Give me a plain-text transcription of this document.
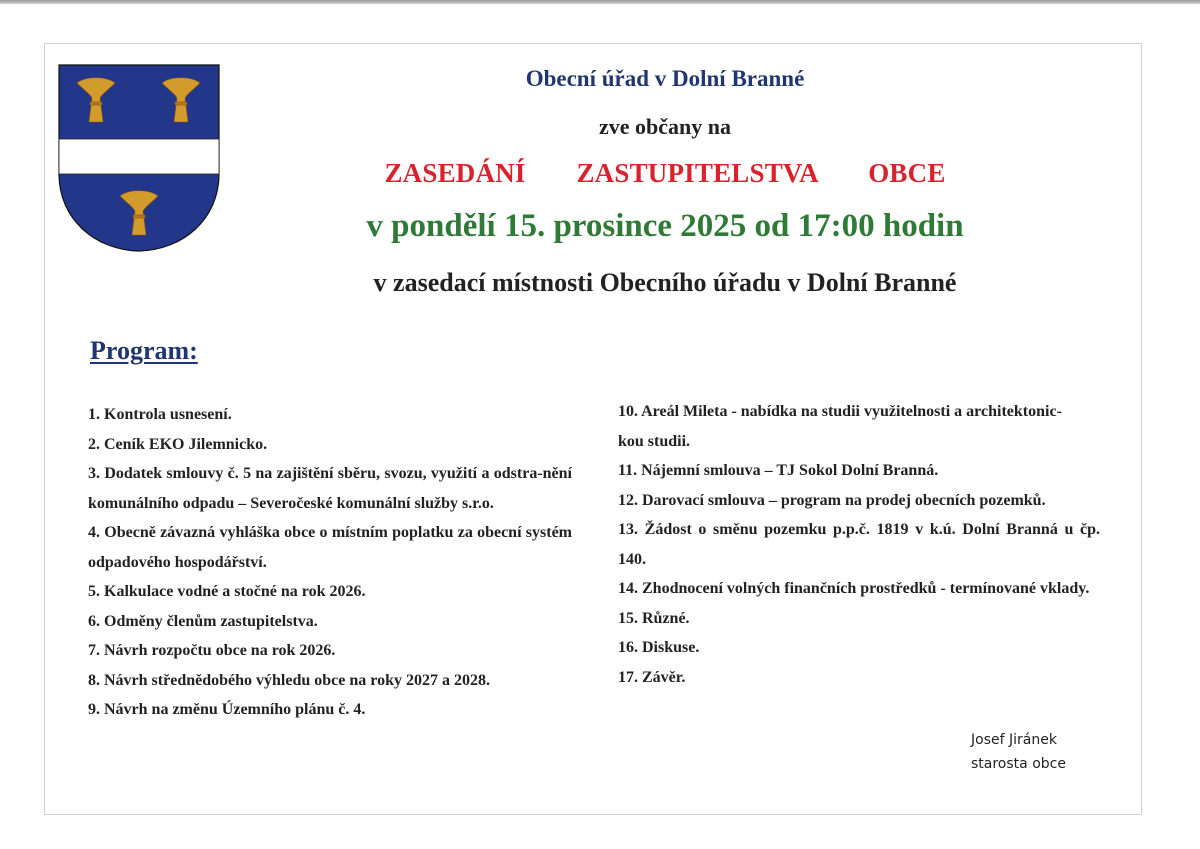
Obecní úřad v Dolní Branné
zve občany na
ZASEDÁNÍ   ZASTUPITELSTVA   OBCE
v pondělí 15. prosince 2025 od 17:00 hodin
v zasedací místnosti Obecního úřadu v Dolní Branné
Program:
1. Kontrola usnesení.
2. Ceník EKO Jilemnicko.
3. Dodatek smlouvy č. 5 na zajištění sběru, svozu, využití a odstra-nění komunálního odpadu – Severočeské komunální služby s.r.o.
4. Obecně závazná vyhláška obce o místním poplatku za obecní systém odpadového hospodářství.
5. Kalkulace vodné a stočné na rok 2026.
6. Odměny členům zastupitelstva.
7. Návrh rozpočtu obce na rok 2026.
8. Návrh střednědobého výhledu obce na roky 2027 a 2028.
9. Návrh na změnu Územního plánu č. 4.
10. Areál Mileta - nabídka na studii využitelnosti a architektonic-
kou studii.
11. Nájemní smlouva – TJ Sokol Dolní Branná.
12. Darovací smlouva – program na prodej obecních pozemků.
13. Žádost o směnu pozemku p.p.č. 1819 v k.ú. Dolní Branná u čp. 140.
14. Zhodnocení volných finančních prostředků - termínované vklady.
15. Různé.
16. Diskuse.
17. Závěr.
Josef Jiránek
starosta obce
